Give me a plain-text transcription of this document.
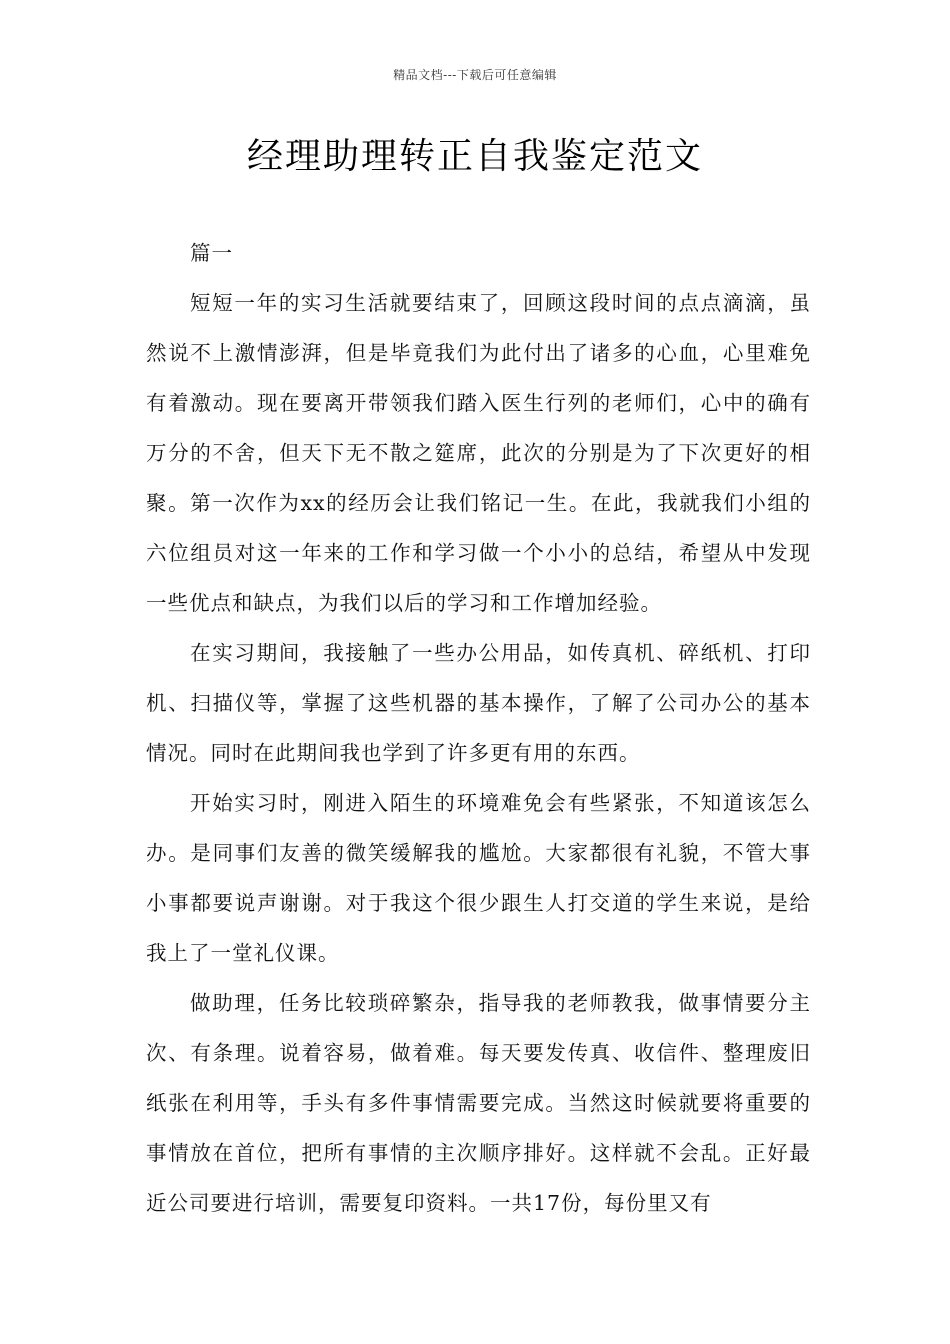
精品文档---下载后可任意编辑
经理助理转正自我鉴定范文

篇一

短短一年的实习生活就要结束了，回顾这段时间的点点滴滴，虽然说不上激情澎湃，但是毕竟我们为此付出了诸多的心血，心里难免有着激动。现在要离开带领我们踏入医生行列的老师们，心中的确有万分的不舍，但天下无不散之筵席，此次的分别是为了下次更好的相聚。第一次作为xx的经历会让我们铭记一生。在此，我就我们小组的六位组员对这一年来的工作和学习做一个小小的总结，希望从中发现一些优点和缺点，为我们以后的学习和工作增加经验。

在实习期间，我接触了一些办公用品，如传真机、碎纸机、打印机、扫描仪等，掌握了这些机器的基本操作，了解了公司办公的基本情况。同时在此期间我也学到了许多更有用的东西。

开始实习时，刚进入陌生的环境难免会有些紧张，不知道该怎么办。是同事们友善的微笑缓解我的尴尬。大家都很有礼貌，不管大事小事都要说声谢谢。对于我这个很少跟生人打交道的学生来说，是给我上了一堂礼仪课。

做助理，任务比较琐碎繁杂，指导我的老师教我，做事情要分主次、有条理。说着容易，做着难。每天要发传真、收信件、整理废旧纸张在利用等，手头有多件事情需要完成。当然这时候就要将重要的事情放在首位，把所有事情的主次顺序排好。这样就不会乱。正好最近公司要进行培训，需要复印资料。一共17份，每份里又有
